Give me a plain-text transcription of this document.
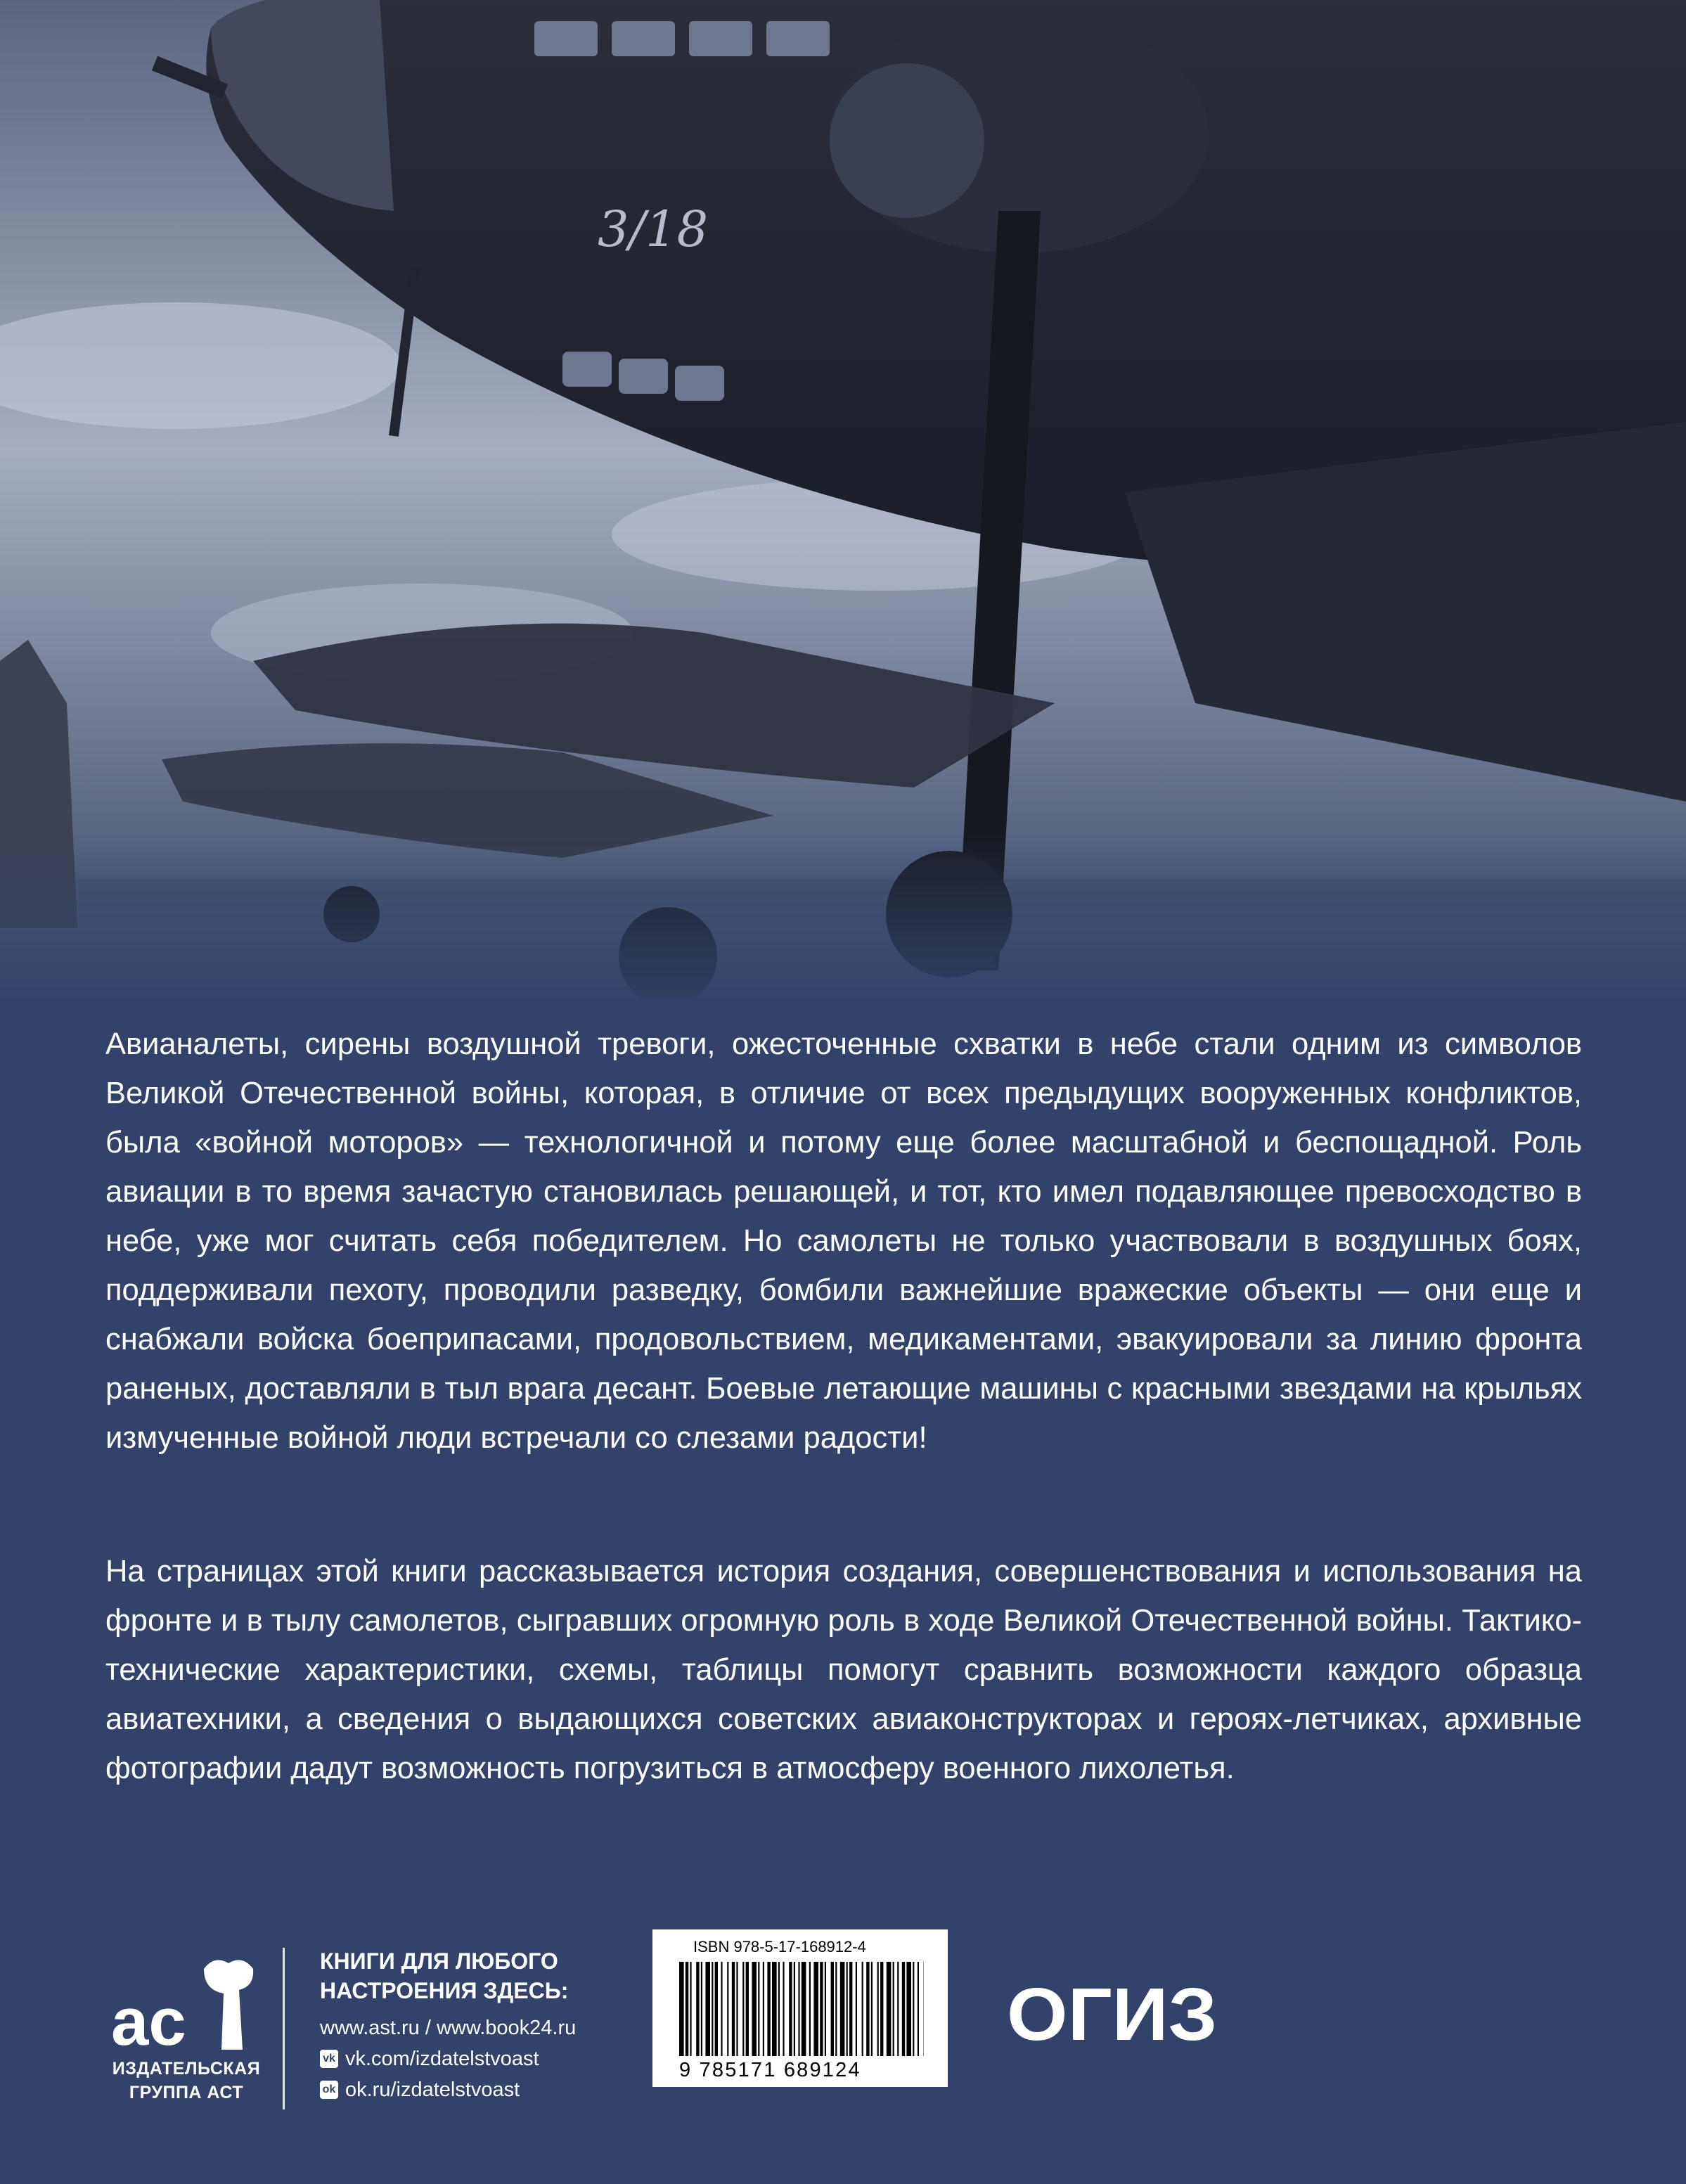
3/18
Авианалеты, сирены воздушной тревоги, ожесточенные схватки в небе стали одним из символов Великой Отечественной войны, которая, в отличие от всех предыдущих вооруженных конфликтов, была «войной моторов» — технологичной и потому еще более масштабной и беспощадной. Роль авиации в то время зачастую становилась решающей, и тот, кто имел подавляющее превосходство в небе, уже мог считать себя победителем. Но самолеты не только участвовали в воздушных боях, поддерживали пехоту, проводили разведку, бомбили важнейшие вражеские объекты — они еще и снабжали войска боеприпасами, продовольствием, медикаментами, эвакуировали за линию фронта раненых, доставляли в тыл врага десант. Боевые летающие машины с красными звездами на крыльях измученные войной люди встречали со слезами радости!
На страницах этой книги рассказывается история создания, совершенствования и использования на фронте и в тылу самолетов, сыгравших огромную роль в ходе Великой Отечественной войны. Тактико-технические характеристики, схемы, таблицы помогут сравнить возможности каждого образца авиатехники, а сведения о выдающихся советских авиаконструкторах и героях-летчиках, архивные фотографии дадут возможность погрузиться в атмосферу военного лихолетья.
ас
ИЗДАТЕЛЬСКАЯ
ГРУППА АСТ
КНИГИ ДЛЯ ЛЮБОГО
НАСТРОЕНИЯ ЗДЕСЬ:
www.ast.ru / www.book24.ru
vk vk.com/izdatelstvoast
ok ok.ru/izdatelstvoast
ISBN 978-5-17-168912-4
9 785171 689124
ОГИЗ
